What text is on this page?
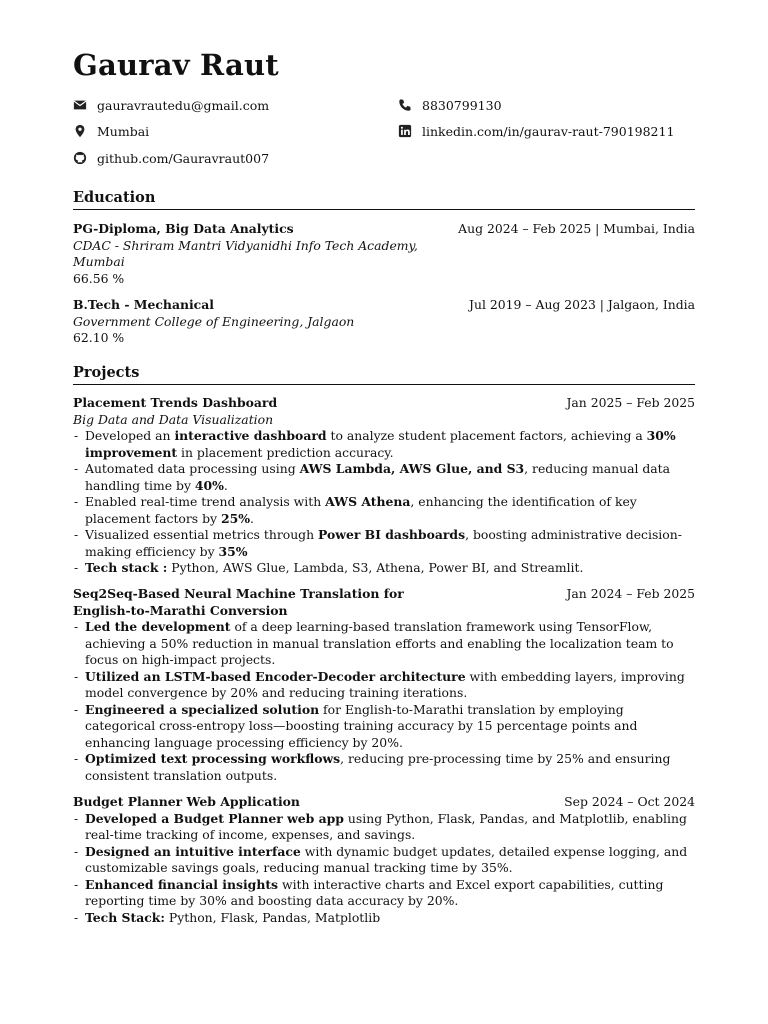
Gaurav Raut
gauravrautedu@gmail.com	8830799130
Mumbai	linkedin.com/in/gaurav-raut-790198211
github.com/Gauravraut007
Education
PG-Diploma, Big Data Analytics	Aug 2024 – Feb 2025 | Mumbai, India
CDAC - Shriram Mantri Vidyanidhi Info Tech Academy,
Mumbai
66.56 %
B.Tech - Mechanical	Jul 2019 – Aug 2023 | Jalgaon, India
Government College of Engineering, Jalgaon
62.10 %
Projects
Placement Trends Dashboard	Jan 2025 – Feb 2025
Big Data and Data Visualization
- Developed an interactive dashboard to analyze student placement factors, achieving a 30% improvement in placement prediction accuracy.
- Automated data processing using AWS Lambda, AWS Glue, and S3, reducing manual data handling time by 40%.
- Enabled real-time trend analysis with AWS Athena, enhancing the identification of key placement factors by 25%.
- Visualized essential metrics through Power BI dashboards, boosting administrative decision-making efficiency by 35%
- Tech stack : Python, AWS Glue, Lambda, S3, Athena, Power BI, and Streamlit.
Seq2Seq-Based Neural Machine Translation for	Jan 2024 – Feb 2025
English-to-Marathi Conversion
- Led the development of a deep learning-based translation framework using TensorFlow, achieving a 50% reduction in manual translation efforts and enabling the localization team to focus on high-impact projects.
- Utilized an LSTM-based Encoder-Decoder architecture with embedding layers, improving model convergence by 20% and reducing training iterations.
- Engineered a specialized solution for English-to-Marathi translation by employing categorical cross-entropy loss—boosting training accuracy by 15 percentage points and enhancing language processing efficiency by 20%.
- Optimized text processing workflows, reducing pre-processing time by 25% and ensuring consistent translation outputs.
Budget Planner Web Application	Sep 2024 – Oct 2024
- Developed a Budget Planner web app using Python, Flask, Pandas, and Matplotlib, enabling real-time tracking of income, expenses, and savings.
- Designed an intuitive interface with dynamic budget updates, detailed expense logging, and customizable savings goals, reducing manual tracking time by 35%.
- Enhanced financial insights with interactive charts and Excel export capabilities, cutting reporting time by 30% and boosting data accuracy by 20%.
- Tech Stack: Python, Flask, Pandas, Matplotlib
